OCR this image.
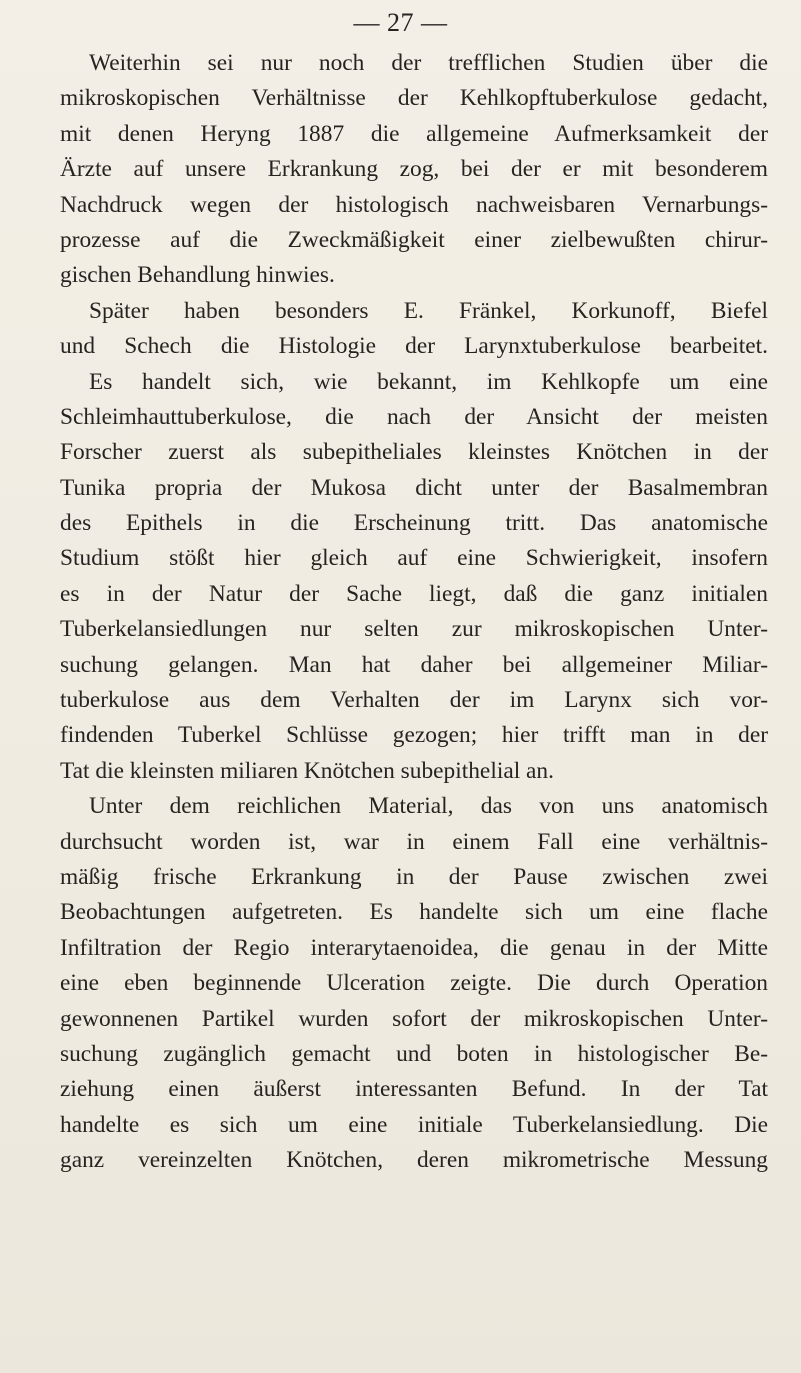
— 27 —
Weiterhin sei nur noch der trefflichen Studien über die
mikroskopischen Verhältnisse der Kehlkopftuberkulose gedacht,
mit denen Heryng 1887 die allgemeine Aufmerksamkeit der
Ärzte auf unsere Erkrankung zog, bei der er mit besonderem
Nachdruck wegen der histologisch nachweisbaren Vernarbungs-
prozesse auf die Zweckmäßigkeit einer zielbewußten chirur-
gischen Behandlung hinwies.
Später haben besonders E. Fränkel, Korkunoff, Biefel
und Schech die Histologie der Larynxtuberkulose bearbeitet.
Es handelt sich, wie bekannt, im Kehlkopfe um eine
Schleimhauttuberkulose, die nach der Ansicht der meisten
Forscher zuerst als subepitheliales kleinstes Knötchen in der
Tunika propria der Mukosa dicht unter der Basalmembran
des Epithels in die Erscheinung tritt. Das anatomische
Studium stößt hier gleich auf eine Schwierigkeit, insofern
es in der Natur der Sache liegt, daß die ganz initialen
Tuberkelansiedlungen nur selten zur mikroskopischen Unter-
suchung gelangen. Man hat daher bei allgemeiner Miliar-
tuberkulose aus dem Verhalten der im Larynx sich vor-
findenden Tuberkel Schlüsse gezogen; hier trifft man in der
Tat die kleinsten miliaren Knötchen subepithelial an.
Unter dem reichlichen Material, das von uns anatomisch
durchsucht worden ist, war in einem Fall eine verhältnis-
mäßig frische Erkrankung in der Pause zwischen zwei
Beobachtungen aufgetreten. Es handelte sich um eine flache
Infiltration der Regio interarytaenoidea, die genau in der Mitte
eine eben beginnende Ulceration zeigte. Die durch Operation
gewonnenen Partikel wurden sofort der mikroskopischen Unter-
suchung zugänglich gemacht und boten in histologischer Be-
ziehung einen äußerst interessanten Befund. In der Tat
handelte es sich um eine initiale Tuberkelansiedlung. Die
ganz vereinzelten Knötchen, deren mikrometrische Messung
